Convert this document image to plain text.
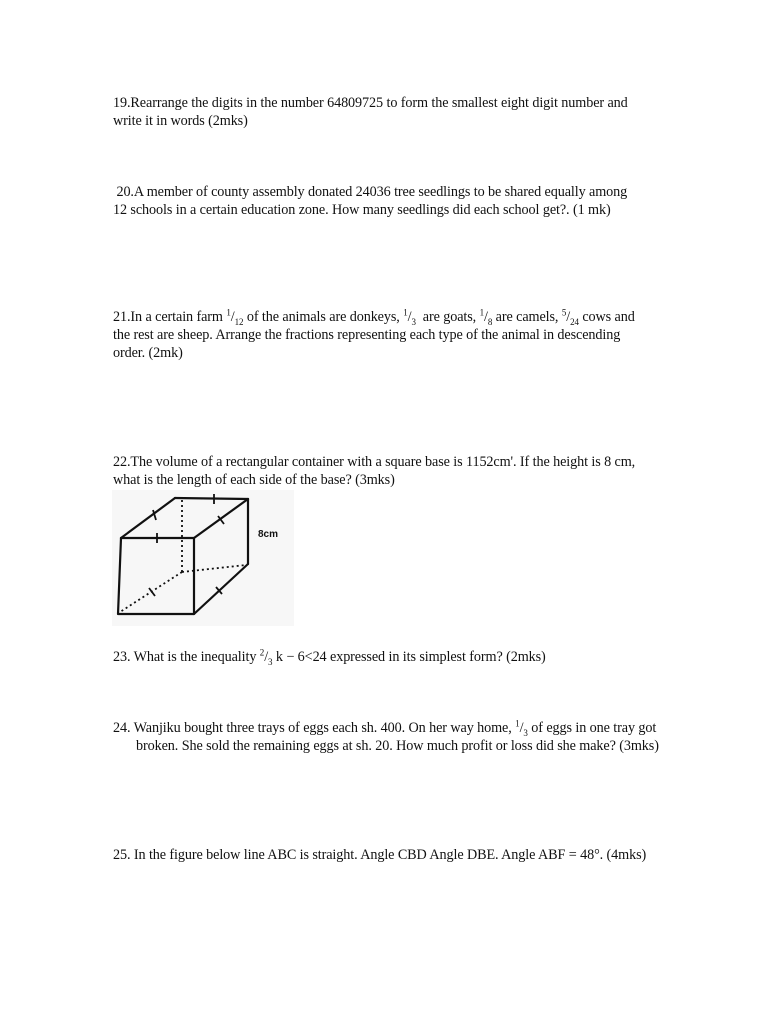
19.Rearrange the digits in the number 64809725 to form the smallest eight digit number and

write it in words (2mks)

20.A member of county assembly donated 24036 tree seedlings to be shared equally among

12 schools in a certain education zone. How many seedlings did each school get?. (1 mk)

21.In a certain farm $^1/_{12}$ of the animals are donkeys, $^1/_3$  are goats, $^1/_8$ are camels, $^5/_{24}$ cows and

the rest are sheep. Arrange the fractions representing each type of the animal in descending

order. (2mk)

22.The volume of a rectangular container with a square base is 1152cm'. If the height is 8 cm,

what is the length of each side of the base? (3mks)

8cm

23. What is the inequality $^2/_3$ k − 6<24 expressed in its simplest form? (2mks)

24. Wanjiku bought three trays of eggs each sh. 400. On her way home, $^1/_3$ of eggs in one tray got broken. She sold the remaining eggs at sh. 20. How much profit or loss did she make? (3mks)

25. In the figure below line ABC is straight. Angle CBD Angle DBE. Angle ABF = 48°. (4mks)
